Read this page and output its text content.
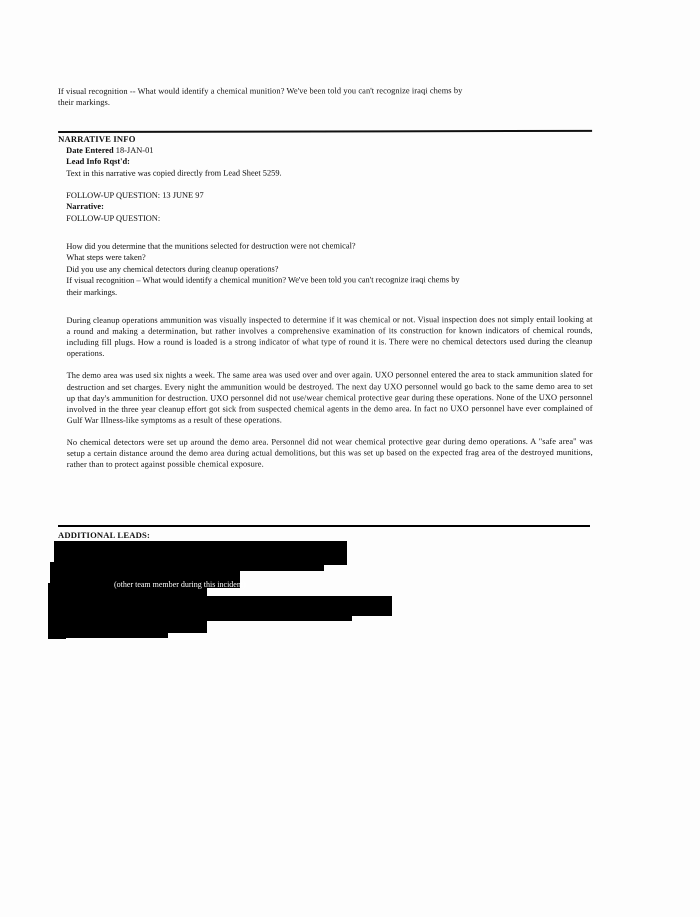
If visual recognition -- What would identify a chemical munition? We've been told you can't recognize iraqi chems by
their markings.
NARRATIVE INFO
Date Entered 18-JAN-01
Lead Info Rqst'd:
Text in this narrative was copied directly from Lead Sheet 5259.
FOLLOW-UP QUESTION: 13 JUNE 97
Narrative:
FOLLOW-UP QUESTION:
How did you determine that the munitions selected for destruction were not chemical?
What steps were taken?
Did you use any chemical detectors during cleanup operations?
If visual recognition – What would identify a chemical munition? We've been told you can't recognize iraqi chems by
their markings.

During cleanup operations ammunition was visually inspected to determine if it was chemical or not. Visual inspection does not simply entail looking at a round and making a determination, but rather involves a comprehensive examination of its construction for known indicators of chemical rounds, including fill plugs. How a round is loaded is a strong indicator of what type of round it is. There were no chemical detectors used during the cleanup operations.

The demo area was used six nights a week. The same area was used over and over again. UXO personnel entered the area to stack ammunition slated for destruction and set charges. Every night the ammunition would be destroyed. The next day UXO personnel would go back to the same demo area to set up that day's ammunition for destruction. UXO personnel did not use/wear chemical protective gear during these operations. None of the UXO personnel involved in the three year cleanup effort got sick from suspected chemical agents in the demo area. In fact no UXO personnel have ever complained of Gulf War Illness-like symptoms as a result of these operations.

No chemical detectors were set up around the demo area. Personnel did not wear chemical protective gear during demo operations. A "safe area" was setup a certain distance around the demo area during actual demolitions, but this was set up based on the expected frag area of the destroyed munitions, rather than to protect against possible chemical exposure.

ADDITIONAL LEADS:
(other team member during this incident)
